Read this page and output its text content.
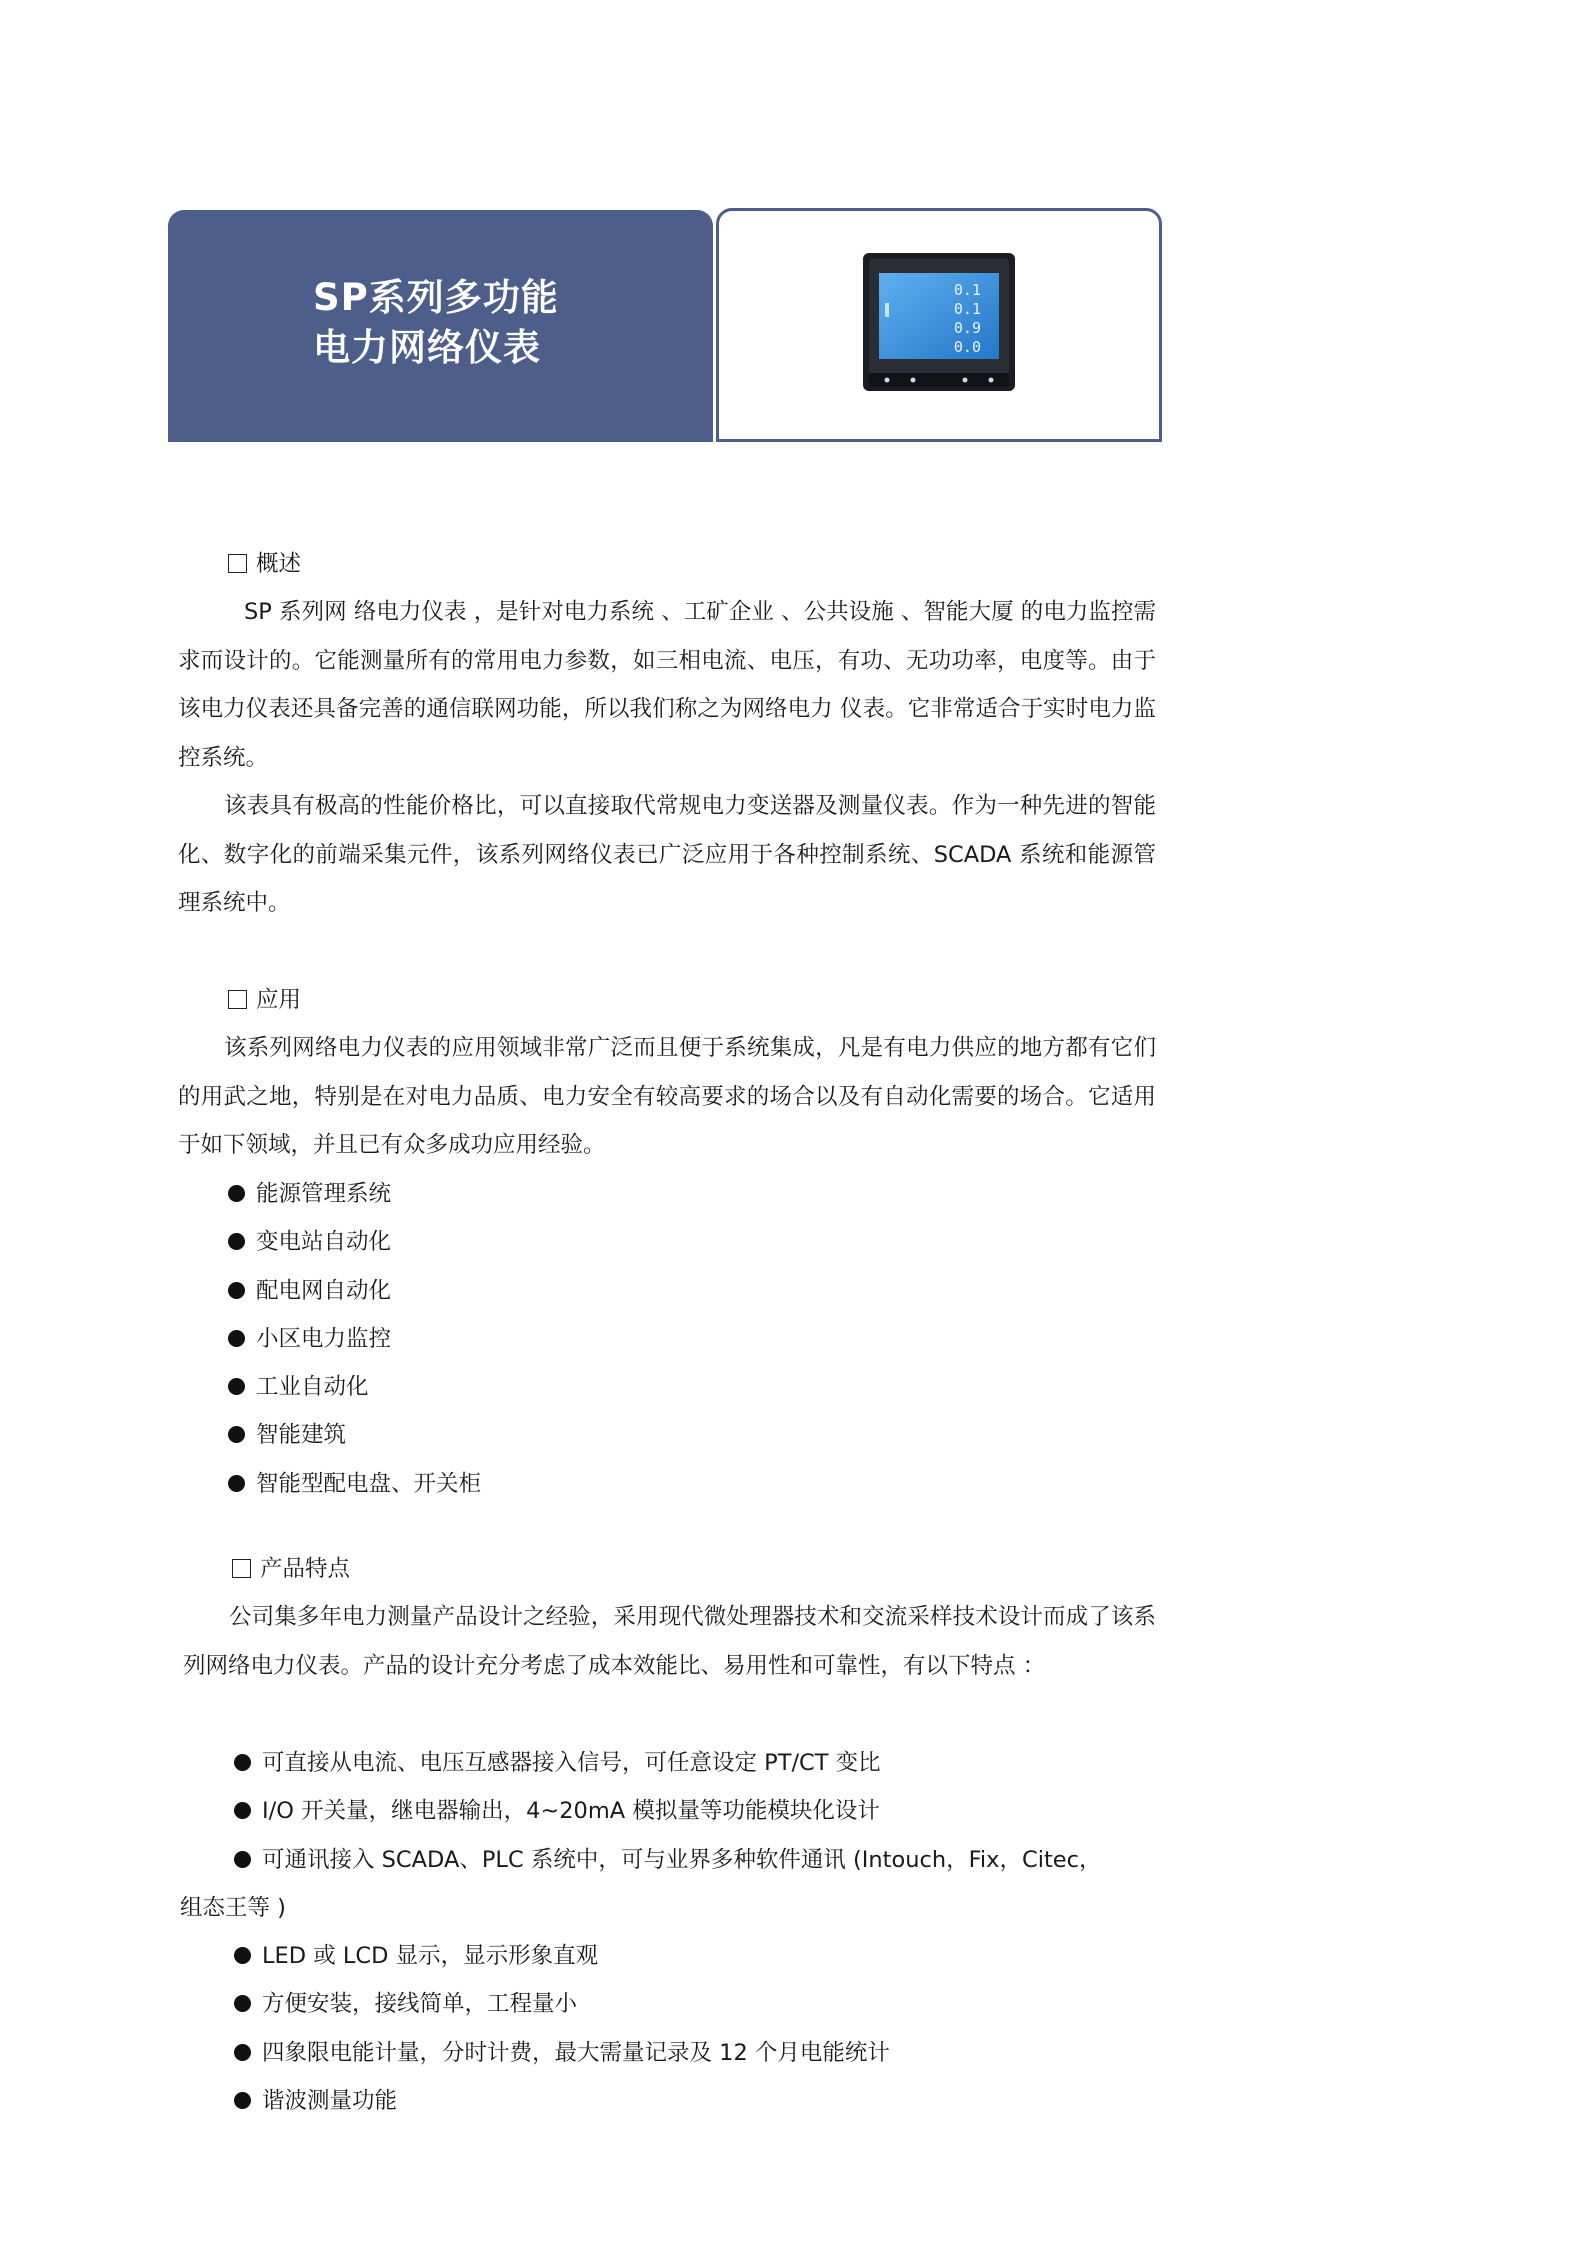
SP系列多功能
电力网络仪表
0.1
0.1
0.9
0.0
概述

SP 系列网 络电力仪表 ，是针对电力系统 、工矿企业 、公共设施 、智能大厦 的电力监控需求而设计的。它能测量所有的常用电力参数，如三相电流、电压，有功、无功功率，电度等。由于该电力仪表还具备完善的通信联网功能，所以我们称之为网络电力 仪表。它非常适合于实时电力监控系统。

该表具有极高的性能价格比，可以直接取代常规电力变送器及测量仪表。作为一种先进的智能化、数字化的前端采集元件，该系列网络仪表已广泛应用于各种控制系统、SCADA 系统和能源管理系统中。

应用

该系列网络电力仪表的应用领域非常广泛而且便于系统集成，凡是有电力供应的地方都有它们的用武之地，特别是在对电力品质、电力安全有较高要求的场合以及有自动化需要的场合。它适用于如下领域，并且已有众多成功应用经验。

能源管理系统
变电站自动化
配电网自动化
小区电力监控
工业自动化
智能建筑
智能型配电盘、开关柜
产品特点

公司集多年电力测量产品设计之经验，采用现代微处理器技术和交流采样技术设计而成了该系列网络电力仪表。产品的设计充分考虑了成本效能比、易用性和可靠性，有以下特点 ：

可直接从电流、电压互感器接入信号，可任意设定 PT/CT 变比
I/O 开关量，继电器输出，4~20mA 模拟量等功能模块化设计
可通讯接入 SCADA、PLC 系统中，可与业界多种软件通讯 (Intouch，Fix，Citec，
组态王等 )
LED 或 LCD 显示，显示形象直观
方便安装，接线简单，工程量小
四象限电能计量，分时计费，最大需量记录及 12 个月电能统计
谐波测量功能
